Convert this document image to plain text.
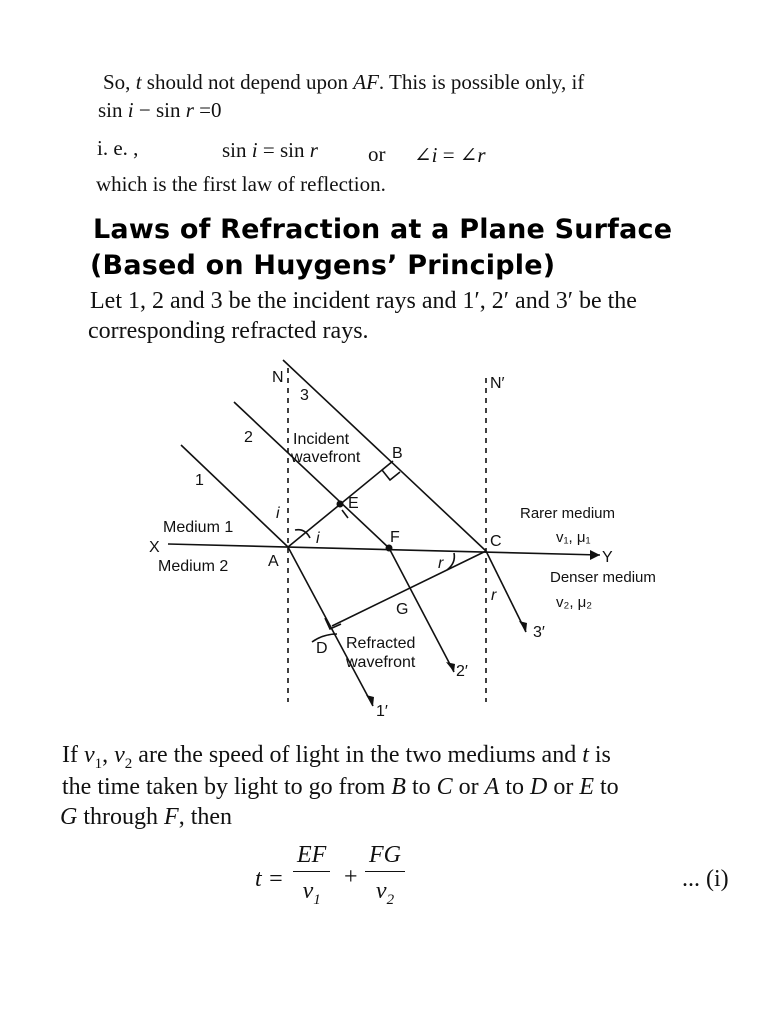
So, t should not depend upon AF. This is possible only, if
sin i − sin r =0
i. e. ,	sin i = sin r or ∠i = ∠r
which is the first law of reflection.
Laws of Refraction at a Plane Surface
(Based on Huygens’ Principle)
Let 1, 2 and 3 be the incident rays and 1′, 2′ and 3′ be the
corresponding refracted rays.
N	N′
3
2
1
Incident
wavefront B
E
F
A
C
G
D
X
Y
Medium 1
Medium 2
Rarer medium
v₁, μ₁
Denser medium
v₂, μ₂
i
i
r
r
Refracted
wavefront
3′
2′
1′
If $v_1$, $v_2$ are the speed of light in the two mediums and t is
the time taken by light to go from B to C or A to D or E to
G through F, then
$t = \frac{EF}{v_1} + \frac{FG}{v_2}$	... (i)
